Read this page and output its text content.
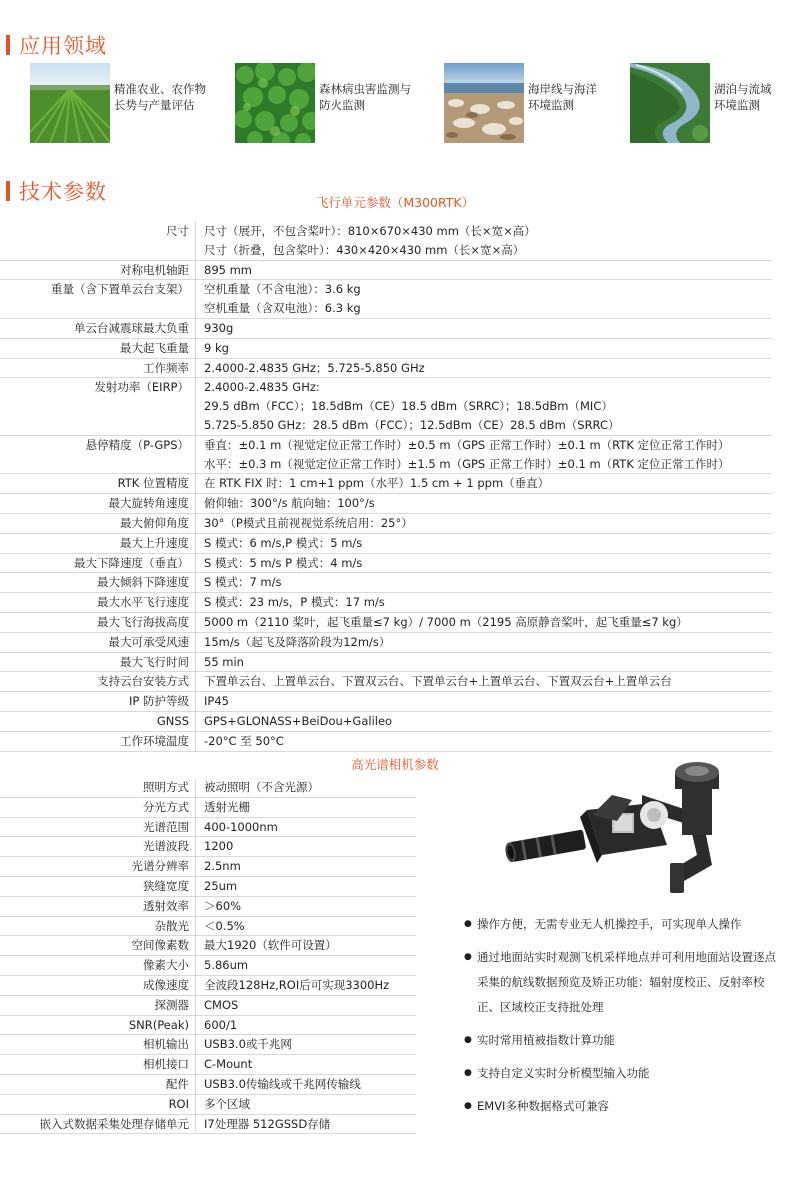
应用领域
精准农业、农作物
长势与产量评估
森林病虫害监测与
防火监测
海岸线与海洋
环境监测
湖泊与流域
环境监测
技术参数	飞行单元参数（M300RTK）
尺寸	尺寸（展开，不包含桨叶）：810×670×430 mm（长×宽×高）
尺寸（折叠，包含桨叶）：430×420×430 mm（长×宽×高）
对称电机轴距	895 mm
重量（含下置单云台支架）	空机重量（不含电池）：3.6 kg
空机重量（含双电池）：6.3 kg
单云台减震球最大负重	930g
最大起飞重量	9 kg
工作频率	2.4000-2.4835 GHz；5.725-5.850 GHz
发射功率（EIRP）	2.4000-2.4835 GHz:
29.5 dBm（FCC）；18.5dBm（CE）18.5 dBm（SRRC）；18.5dBm（MIC）
5.725-5.850 GHz：28.5 dBm（FCC）；12.5dBm（CE）28.5 dBm（SRRC）
悬停精度（P-GPS）	垂直：±0.1 m（视觉定位正常工作时）±0.5 m（GPS 正常工作时）±0.1 m（RTK 定位正常工作时）
水平：±0.3 m（视觉定位正常工作时）±1.5 m（GPS 正常工作时）±0.1 m（RTK 定位正常工作时）
RTK 位置精度	在 RTK FIX 时：1 cm+1 ppm（水平）1.5 cm + 1 ppm（垂直）
最大旋转角速度	俯仰轴：300°/s 航向轴：100°/s
最大俯仰角度	30°（P模式且前视视觉系统启用：25°）
最大上升速度	S 模式：6 m/s,P 模式：5 m/s
最大下降速度（垂直）	S 模式：5 m/s P 模式：4 m/s
最大倾斜下降速度	S 模式：7 m/s
最大水平飞行速度	S 模式：23 m/s，P 模式：17 m/s
最大飞行海拔高度	5000 m（2110 桨叶，起飞重量≤7 kg）/ 7000 m（2195 高原静音桨叶，起飞重量≤7 kg）
最大可承受风速	15m/s（起飞及降落阶段为12m/s）
最大飞行时间	55 min
支持云台安装方式	下置单云台、上置单云台、下置双云台、下置单云台+上置单云台、下置双云台+上置单云台
IP 防护等级	IP45
GNSS	GPS+GLONASS+BeiDou+Galileo
工作环境温度	-20°C 至 50°C
高光谱相机参数
照明方式	被动照明（不含光源）
分光方式	透射光栅
光谱范围	400-1000nm
光谱波段	1200
光谱分辨率	2.5nm
狭缝宽度	25um
透射效率	＞60%
杂散光	＜0.5%
空间像素数	最大1920（软件可设置）
像素大小	5.86um
成像速度	全波段128Hz,ROI后可实现3300Hz
探测器	CMOS
SNR(Peak)	600/1
相机输出	USB3.0或千兆网
相机接口	C-Mount
配件	USB3.0传输线或千兆网传输线
ROI	多个区域
嵌入式数据采集处理存储单元	I7处理器 512GSSD存储
● 操作方便，无需专业无人机操控手，可实现单人操作
● 通过地面站实时观测飞机采样地点并可利用地面站设置逐点采集的航线数据预览及矫正功能：辐射度校正、反射率校正、区域校正支持批处理
● 实时常用植被指数计算功能
● 支持自定义实时分析模型输入功能
● EMVI多种数据格式可兼容
